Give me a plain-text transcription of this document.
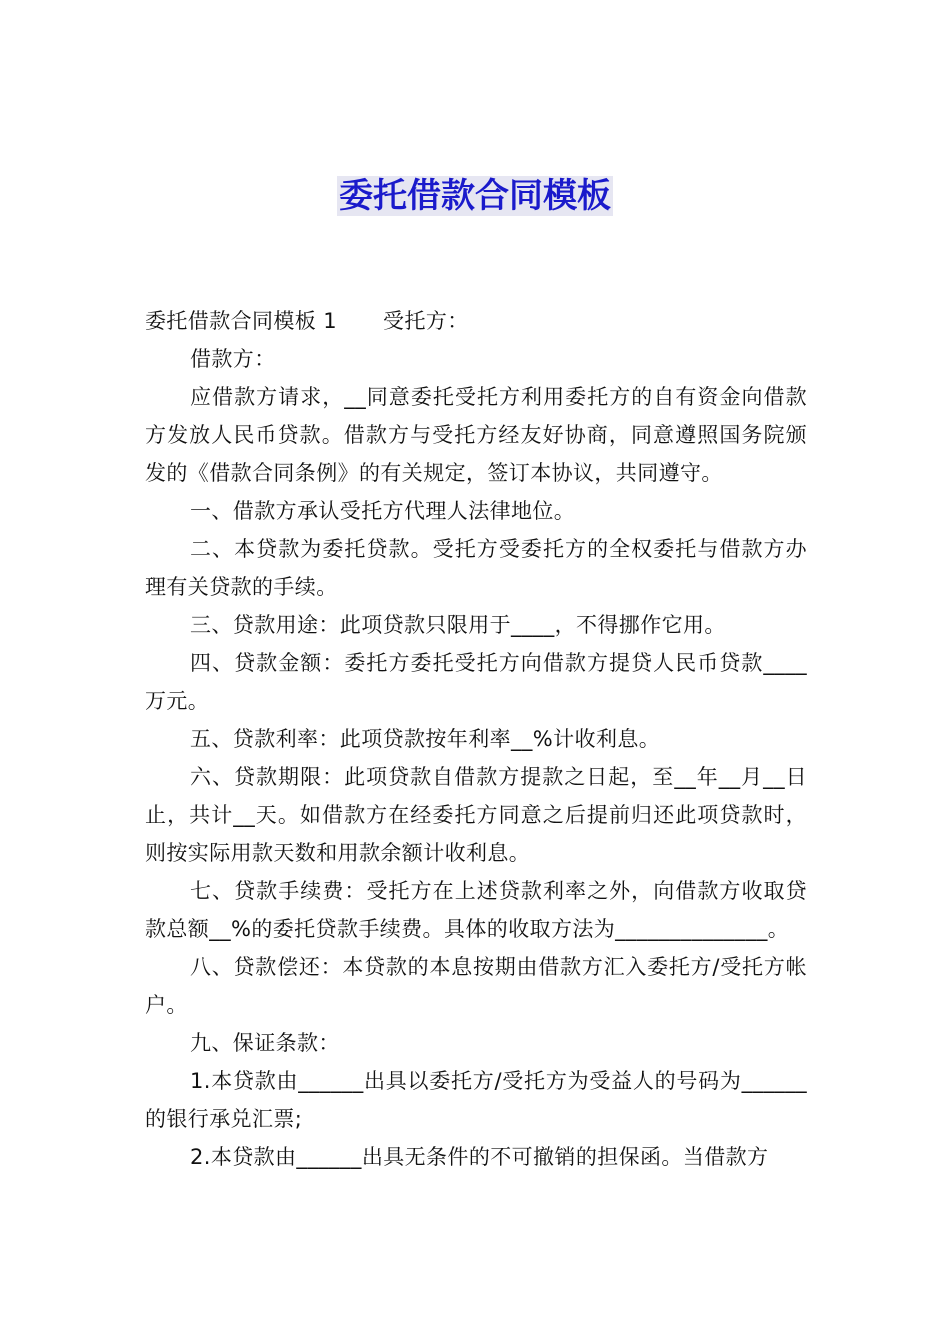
委托借款合同模板

委托借款合同模板 1 受托方：

借款方：

应借款方请求，__同意委托受托方利用委托方的自有资金向借款方发放人民币贷款。借款方与受托方经友好协商，同意遵照国务院颁发的《借款合同条例》的有关规定，签订本协议，共同遵守。

一、借款方承认受托方代理人法律地位。

二、本贷款为委托贷款。受托方受委托方的全权委托与借款方办理有关贷款的手续。

三、贷款用途：此项贷款只限用于____，不得挪作它用。

四、贷款金额：委托方委托受托方向借款方提贷人民币贷款____万元。

五、贷款利率：此项贷款按年利率__%计收利息。

六、贷款期限：此项贷款自借款方提款之日起，至__年__月__日止，共计__天。如借款方在经委托方同意之后提前归还此项贷款时，则按实际用款天数和用款余额计收利息。

七、贷款手续费：受托方在上述贷款利率之外，向借款方收取贷款总额__%的委托贷款手续费。具体的收取方法为______________。

八、贷款偿还：本贷款的本息按期由借款方汇入委托方/受托方帐户。

九、保证条款：

1.本贷款由______出具以委托方/受托方为受益人的号码为______的银行承兑汇票;

2.本贷款由______出具无条件的不可撤销的担保函。当借款方
